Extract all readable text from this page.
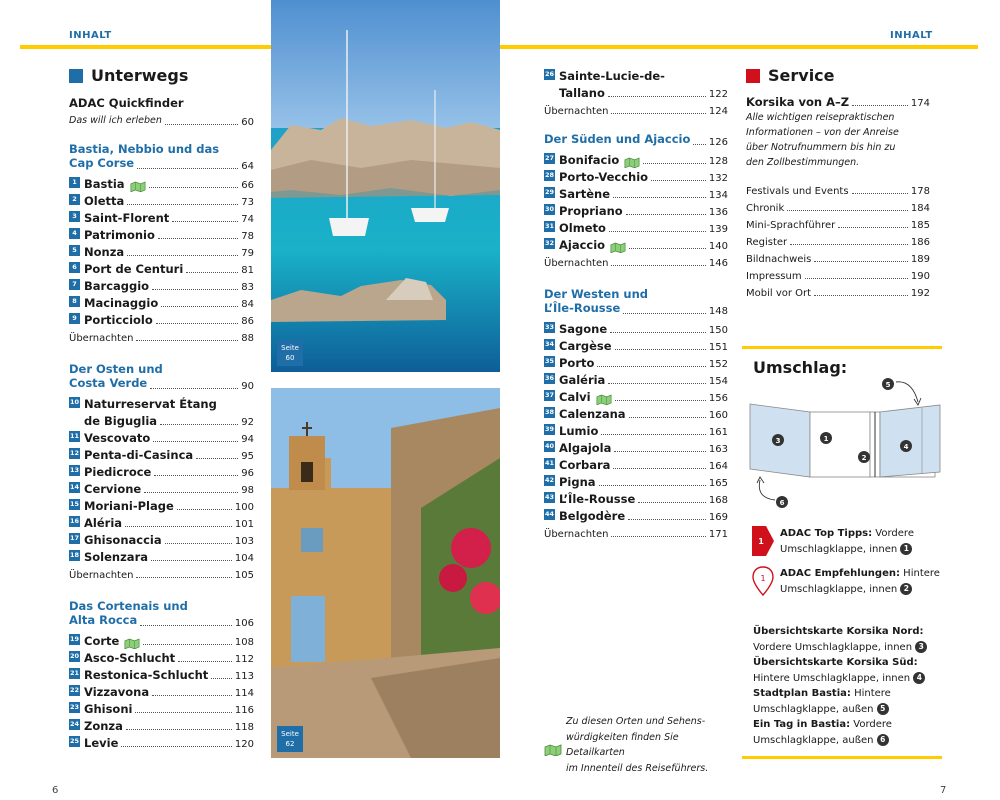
INHALT	INHALT
Unterwegs
ADAC Quickfinder
Das will ich erleben	60
Bastia, Nebbio und das
Cap Corse	64
1 Bastia	66
2 Oletta	73
3 Saint-Florent	74
4 Patrimonio	78
5 Nonza	79
6 Port de Centuri	81
7 Barcaggio	83
8 Macinaggio	84
9 Porticciolo	86
Übernachten	88
Der Osten und
Costa Verde	90
10 Naturreservat Étang
de Biguglia	92
11 Vescovato	94
12 Penta-di-Casinca	95
13 Piedicroce	96
14 Cervione	98
15 Moriani-Plage	100
16 Aléria	101
17 Ghisonaccia	103
18 Solenzara	104
Übernachten	105
Das Cortenais und
Alta Rocca	106
19 Corte	108
20 Asco-Schlucht	112
21 Restonica-Schlucht	113
22 Vizzavona	114
23 Ghisoni	116
24 Zonza	118
25 Levie	120
Seite
60
Seite
62
26 Sainte-Lucie-de-
Tallano	122
Übernachten	124
Der Süden und Ajaccio 126
27 Bonifacio	128
28 Porto-Vecchio	132
29 Sartène	134
30 Propriano	136
31 Olmeto	139
32 Ajaccio	140
Übernachten	146
Der Westen und
L’Île-Rousse	148
33 Sagone	150
34 Cargèse	151
35 Porto	152
36 Galéria	154
37 Calvi	156
38 Calenzana	160
39 Lumio	161
40 Algajola	163
41 Corbara	164
42 Pigna	165
43 L’Île-Rousse	168
44 Belgodère	169
Übernachten	171
Zu diesen Orten und Sehens-
würdigkeiten finden Sie Detailkarten
im Innenteil des Reiseführers.
Service
Korsika von A–Z	174
Alle wichtigen reisepraktischen
Informationen – von der Anreise
über Notrufnummern bis hin zu
den Zollbestimmungen.
Festivals und Events	178
Chronik	184
Mini-Sprachführer	185
Register	186
Bildnachweis	189
Impressum	190
Mobil vor Ort	192
Umschlag:
3	1
2
4
5
6
1
ADAC Top Tipps: Vordere
Umschlagklappe, innen 1
1 ADAC Empfehlungen: Hintere
Umschlagklappe, innen 2
Übersichtskarte Korsika Nord:
Vordere Umschlagklappe, innen 3
Übersichtskarte Korsika Süd:
Hintere Umschlagklappe, innen 4
Stadtplan Bastia: Hintere
Umschlagklappe, außen 5
Ein Tag in Bastia: Vordere
Umschlagklappe, außen 6
6	7
